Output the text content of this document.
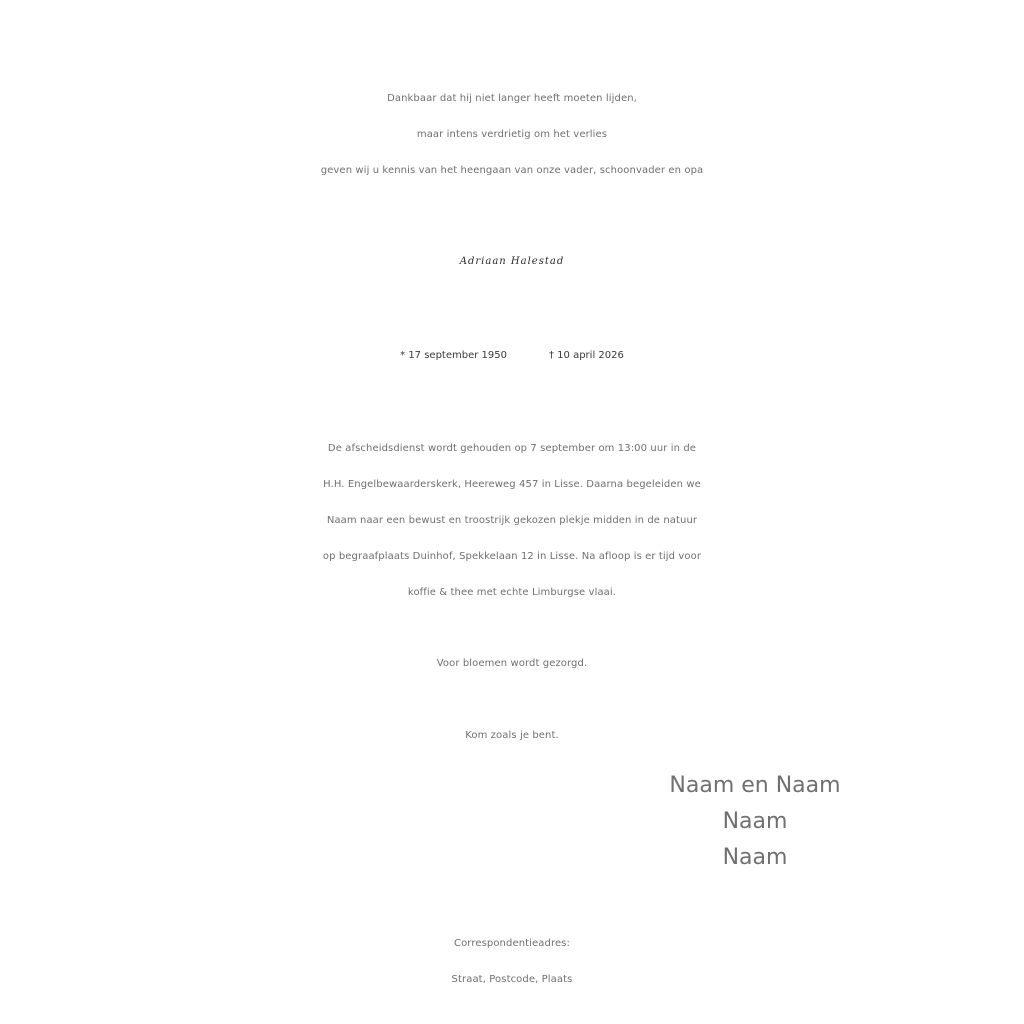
Dankbaar dat hij niet langer heeft moeten lijden,
maar intens verdrietig om het verlies
geven wij u kennis van het heengaan van onze vader, schoonvader en opa
Adriaan Halestad
* 17 september 1950	† 10 april 2026
De afscheidsdienst wordt gehouden op 7 september om 13:00 uur in de
H.H. Engelbewaarderskerk, Heereweg 457 in Lisse. Daarna begeleiden we
Naam naar een bewust en troostrijk gekozen plekje midden in de natuur
op begraafplaats Duinhof, Spekkelaan 12 in Lisse. Na afloop is er tijd voor
koffie & thee met echte Limburgse vlaai.
Voor bloemen wordt gezorgd.
Kom zoals je bent.
Naam en Naam
Naam
Naam
Correspondentieadres:
Straat, Postcode, Plaats
